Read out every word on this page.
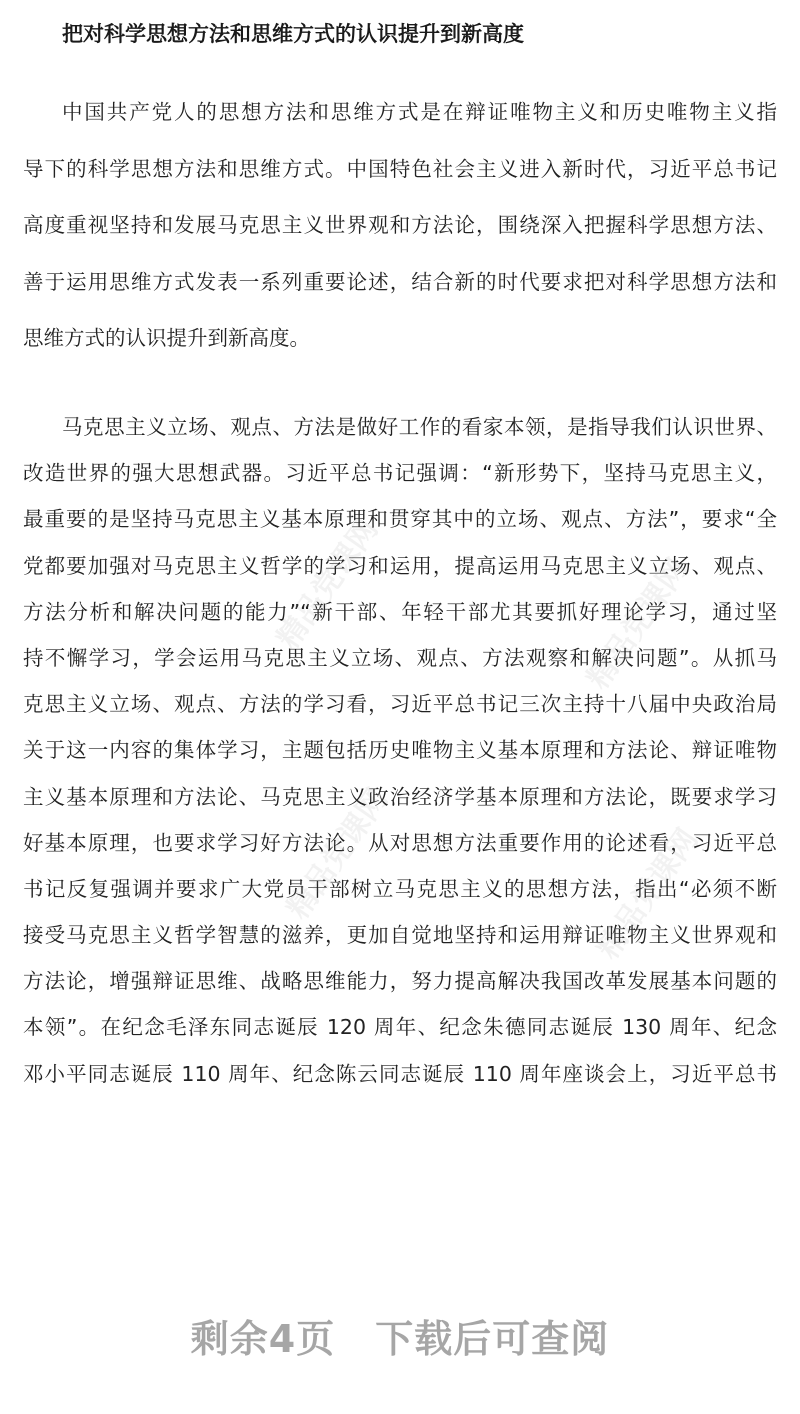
把对科学思想方法和思维方式的认识提升到新高度
中国共产党人的思想方法和思维方式是在辩证唯物主义和历史唯物主义指
导下的科学思想方法和思维方式。中国特色社会主义进入新时代，习近平总书记
高度重视坚持和发展马克思主义世界观和方法论，围绕深入把握科学思想方法、
善于运用思维方式发表一系列重要论述，结合新的时代要求把对科学思想方法和
思维方式的认识提升到新高度。
马克思主义立场、观点、方法是做好工作的看家本领，是指导我们认识世界、
改造世界的强大思想武器。习近平总书记强调：“新形势下，坚持马克思主义，
最重要的是坚持马克思主义基本原理和贯穿其中的立场、观点、方法”，要求“全
党都要加强对马克思主义哲学的学习和运用，提高运用马克思主义立场、观点、
方法分析和解决问题的能力”“新干部、年轻干部尤其要抓好理论学习，通过坚
持不懈学习，学会运用马克思主义立场、观点、方法观察和解决问题”。从抓马
克思主义立场、观点、方法的学习看，习近平总书记三次主持十八届中央政治局
关于这一内容的集体学习，主题包括历史唯物主义基本原理和方法论、辩证唯物
主义基本原理和方法论、马克思主义政治经济学基本原理和方法论，既要求学习
好基本原理，也要求学习好方法论。从对思想方法重要作用的论述看，习近平总
书记反复强调并要求广大党员干部树立马克思主义的思想方法，指出“必须不断
接受马克思主义哲学智慧的滋养，更加自觉地坚持和运用辩证唯物主义世界观和
方法论，增强辩证思维、战略思维能力，努力提高解决我国改革发展基本问题的
本领”。在纪念毛泽东同志诞辰 120 周年、纪念朱德同志诞辰 130 周年、纪念
邓小平同志诞辰 110 周年、纪念陈云同志诞辰 110 周年座谈会上，习近平总书
精品党课网
精品党课网
精品党课网
精品党课网
剩余4页 下载后可查阅
